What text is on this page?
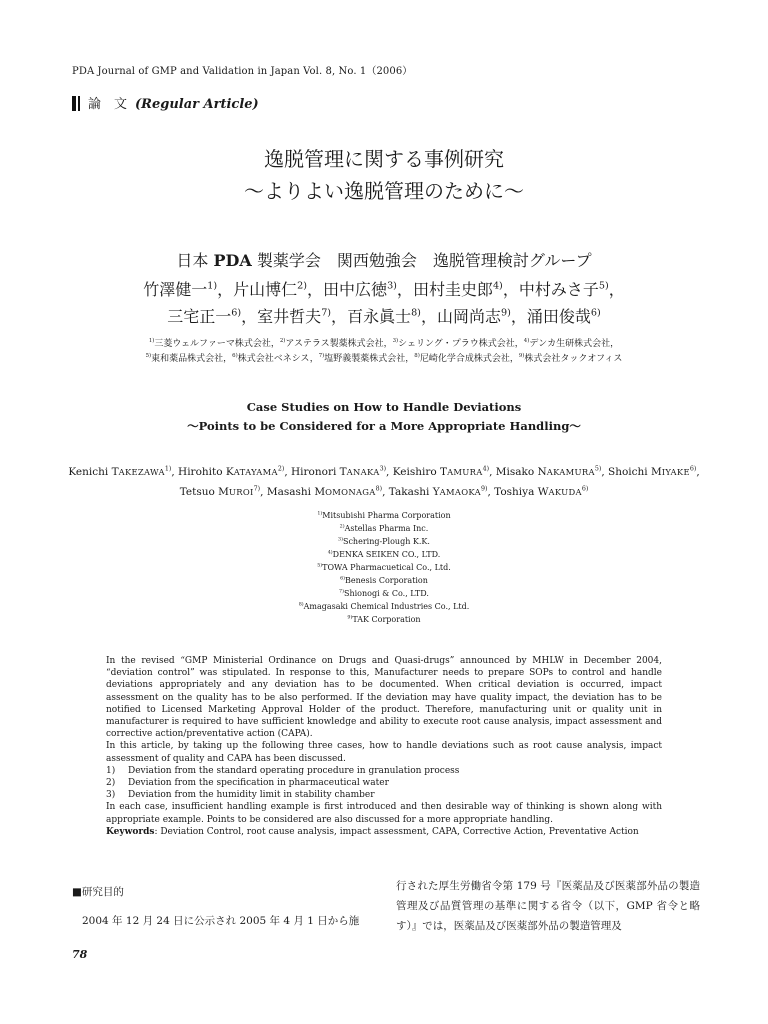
PDA Journal of GMP and Validation in Japan Vol. 8, No. 1（2006）
論　文 (Regular Article)
逸脱管理に関する事例研究
〜よりよい逸脱管理のために〜
日本 PDA 製薬学会　関西勉強会　逸脱管理検討グループ
竹澤健一$^{1)}$，片山博仁$^{2)}$，田中広徳$^{3)}$，田村圭史郎$^{4)}$，中村みさ子$^{5)}$，
三宅正一$^{6)}$，室井哲夫$^{7)}$，百永眞士$^{8)}$，山岡尚志$^{9)}$，涌田俊哉$^{6)}$
$^{1)}$三菱ウェルファーマ株式会社，$^{2)}$アステラス製薬株式会社，$^{3)}$シェリング・プラウ株式会社，$^{4)}$デンカ生研株式会社，
$^{5)}$東和薬品株式会社，$^{6)}$株式会社ベネシス，$^{7)}$塩野義製薬株式会社，$^{8)}$尼崎化学合成株式会社，$^{9)}$株式会社タックオフィス
Case Studies on How to Handle Deviations
〜Points to be Considered for a More Appropriate Handling〜
Kenichi TAKEZAWA$^{1)}$, Hirohito KATAYAMA$^{2)}$, Hironori TANAKA$^{3)}$, Keishiro TAMURA$^{4)}$, Misako NAKAMURA$^{5)}$, Shoichi MIYAKE$^{6)}$,
Tetsuo MUROI$^{7)}$, Masashi MOMONAGA$^{8)}$, Takashi YAMAOKA$^{9)}$, Toshiya WAKUDA$^{6)}$
$^{1)}$Mitsubishi Pharma Corporation
$^{2)}$Astellas Pharma Inc.
$^{3)}$Schering-Plough K.K.
$^{4)}$DENKA SEIKEN CO., LTD.
$^{5)}$TOWA Pharmacuetical Co., Ltd.
$^{6)}$Benesis Corporation
$^{7)}$Shionogi & Co., LTD.
$^{8)}$Amagasaki Chemical Industries Co., Ltd.
$^{9)}$TAK Corporation

In the revised “GMP Ministerial Ordinance on Drugs and Quasi-drugs” announced by MHLW in December 2004, “deviation control” was stipulated. In response to this, Manufacturer needs to prepare SOPs to control and handle deviations appropriately and any deviation has to be documented. When critical deviation is occurred, impact assessment on the quality has to be also performed. If the deviation may have quality impact, the deviation has to be notified to Licensed Marketing Approval Holder of the product. Therefore, manufacturing unit or quality unit in manufacturer is required to have sufficient knowledge and ability to execute root cause analysis, impact assessment and corrective action/preventative action (CAPA).

In this article, by taking up the following three cases, how to handle deviations such as root cause analysis, impact assessment of quality and CAPA has been discussed.

1) Deviation from the standard operating procedure in granulation process
2) Deviation from the specification in pharmaceutical water
3) Deviation from the humidity limit in stability chamber

In each case, insufficient handling example is first introduced and then desirable way of thinking is shown along with appropriate example. Points to be considered are also discussed for a more appropriate handling.

Keywords: Deviation Control, root cause analysis, impact assessment, CAPA, Corrective Action, Preventative Action

■研究目的
2004 年 12 月 24 日に公示され 2005 年 4 月 1 日から施
行された厚生労働省令第 179 号『医薬品及び医薬部外品の製造管理及び品質管理の基準に関する省令（以下，GMP 省令と略す）』では，医薬品及び医薬部外品の製造管理及
78
